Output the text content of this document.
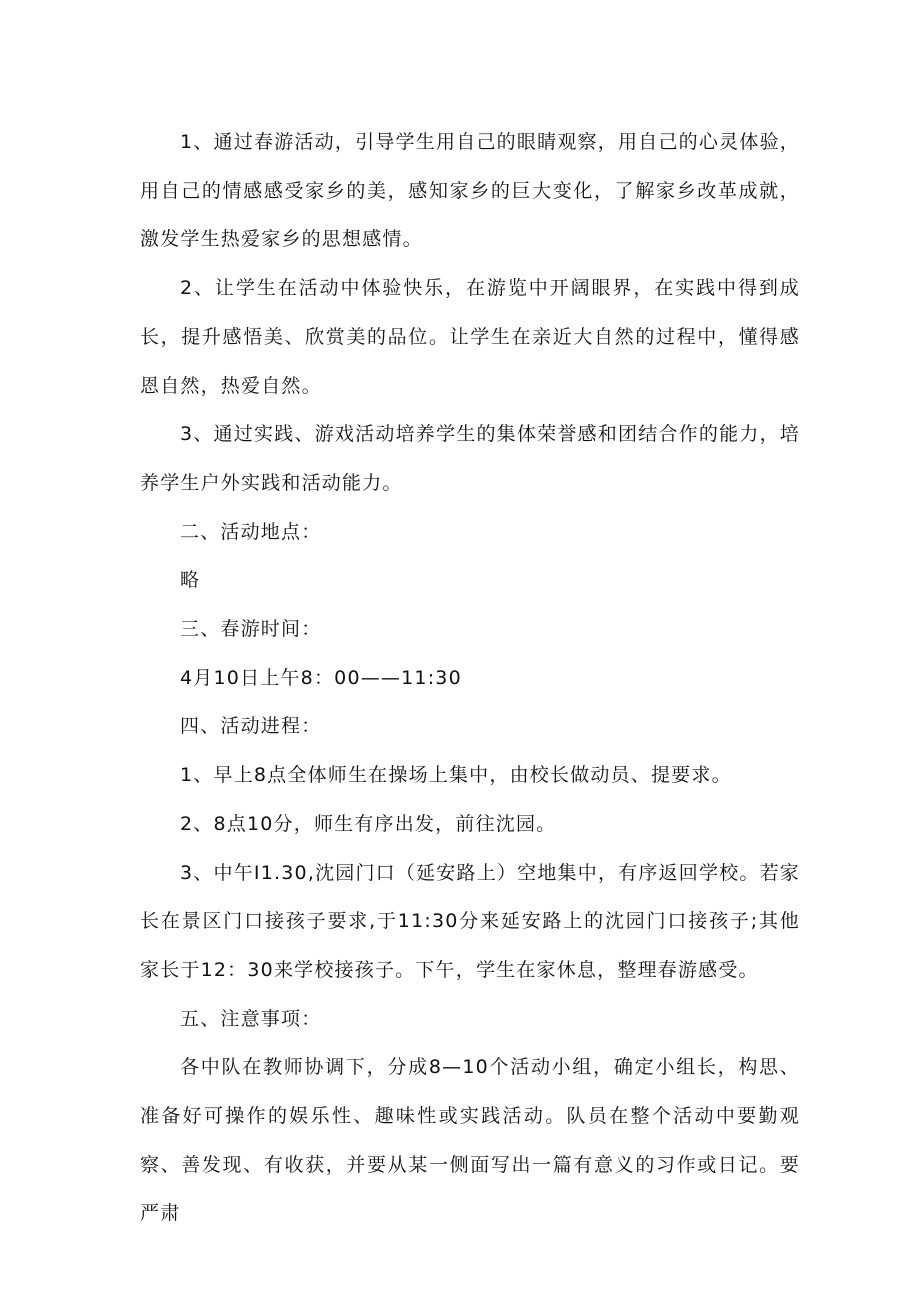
1、通过春游活动，引导学生用自己的眼睛观察，用自己的心灵体验，用自己的情感感受家乡的美，感知家乡的巨大变化，了解家乡改革成就，激发学生热爱家乡的思想感情。

2、让学生在活动中体验快乐，在游览中开阔眼界，在实践中得到成长，提升感悟美、欣赏美的品位。让学生在亲近大自然的过程中，懂得感恩自然，热爱自然。

3、通过实践、游戏活动培养学生的集体荣誉感和团结合作的能力，培养学生户外实践和活动能力。

二、活动地点：

略

三、春游时间：

4月10日上午8：00——11:30

四、活动进程：

1、早上8点全体师生在操场上集中，由校长做动员、提要求。

2、8点10分，师生有序出发，前往沈园。

3、中午I1.30,沈园门口（延安路上）空地集中，有序返回学校。若家长在景区门口接孩子要求,于11:30分来延安路上的沈园门口接孩子;其他家长于12：30来学校接孩子。下午，学生在家休息，整理春游感受。

五、注意事项：

各中队在教师协调下，分成8—10个活动小组，确定小组长，构思、准备好可操作的娱乐性、趣味性或实践活动。队员在整个活动中要勤观察、善发现、有收获，并要从某一侧面写出一篇有意义的习作或日记。要严肃
